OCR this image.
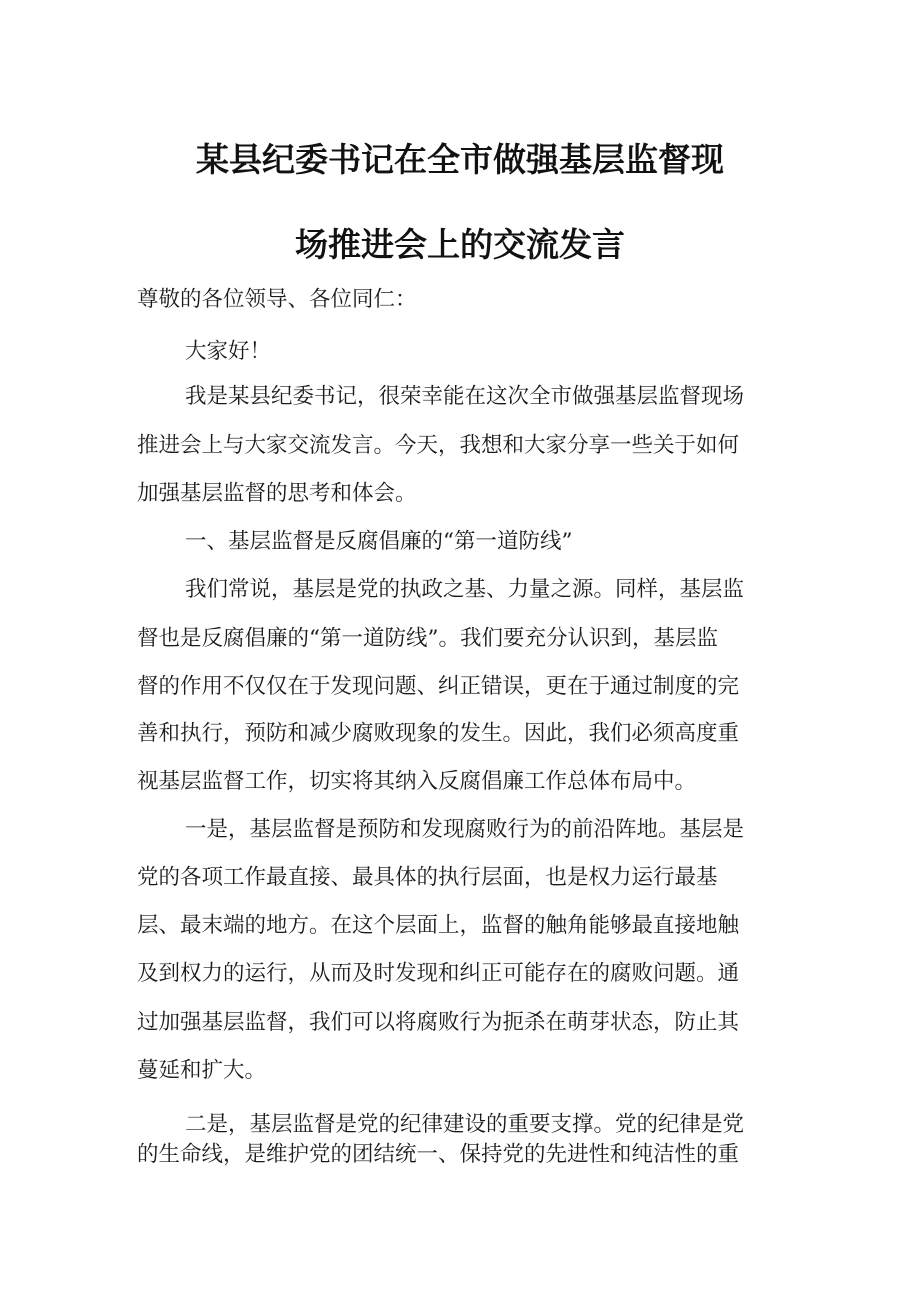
某县纪委书记在全市做强基层监督现
场推进会上的交流发言

尊敬的各位领导、各位同仁：

大家好！

我是某县纪委书记，很荣幸能在这次全市做强基层监督现场

推进会上与大家交流发言。今天，我想和大家分享一些关于如何

加强基层监督的思考和体会。

一、基层监督是反腐倡廉的“第一道防线”

我们常说，基层是党的执政之基、力量之源。同样，基层监

督也是反腐倡廉的“第一道防线”。我们要充分认识到，基层监

督的作用不仅仅在于发现问题、纠正错误，更在于通过制度的完

善和执行，预防和减少腐败现象的发生。因此，我们必须高度重

视基层监督工作，切实将其纳入反腐倡廉工作总体布局中。

一是，基层监督是预防和发现腐败行为的前沿阵地。基层是

党的各项工作最直接、最具体的执行层面，也是权力运行最基

层、最末端的地方。在这个层面上，监督的触角能够最直接地触

及到权力的运行，从而及时发现和纠正可能存在的腐败问题。通

过加强基层监督，我们可以将腐败行为扼杀在萌芽状态，防止其

蔓延和扩大。

二是，基层监督是党的纪律建设的重要支撑。党的纪律是党

的生命线，是维护党的团结统一、保持党的先进性和纯洁性的重
